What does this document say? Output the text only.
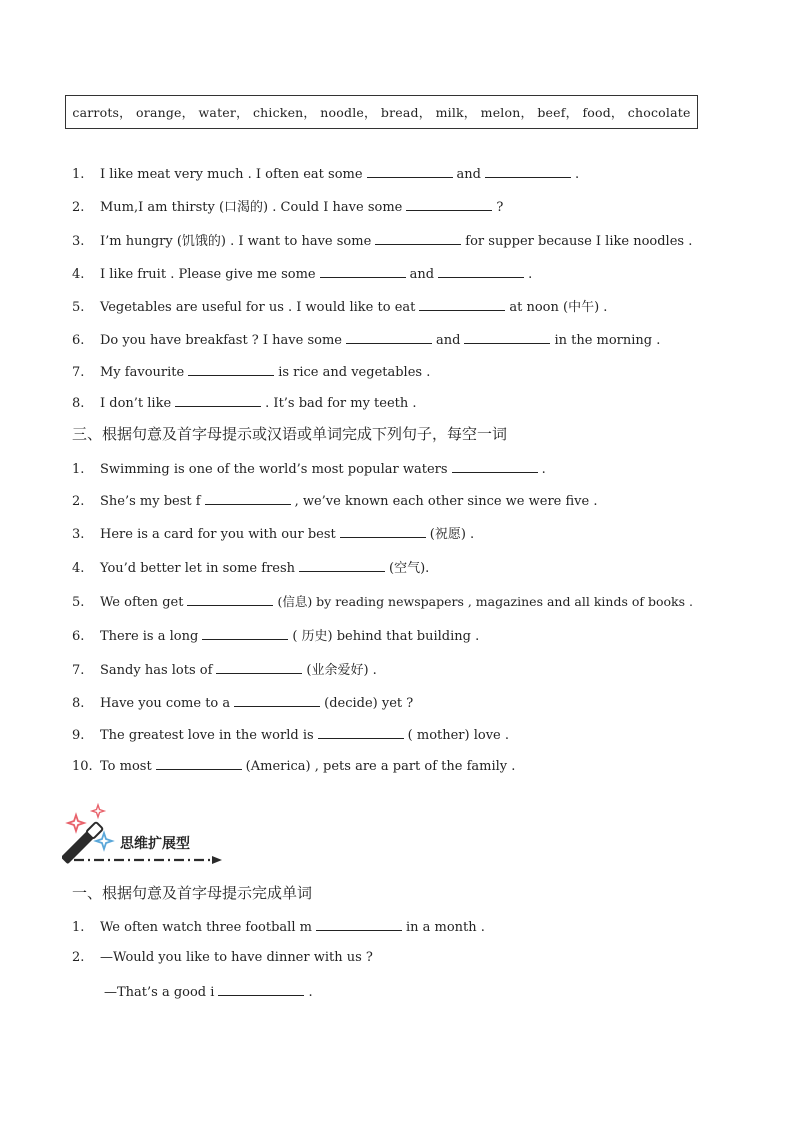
carrots， orange， water， chicken， noodle， bread， milk， melon， beef， food， chocolate
1. I like meat very much . I often eat some	and	.
2. Mum,I am thirsty (口渴的) . Could I have some	?
3. I’m hungry (饥饿的) . I want to have some	for supper because I like noodles .
4. I like fruit . Please give me some	and	.
5. Vegetables are useful for us . I would like to eat	at noon (中午) .
6. Do you have breakfast ? I have some	and	in the morning .
7. My favourite	is rice and vegetables .
8. I don’t like	. It’s bad for my teeth .
三、根据句意及首字母提示或汉语或单词完成下列句子，每空一词
1. Swimming is one of the world’s most popular waters	.
2. She’s my best f	, we’ve known each other since we were five .
3. Here is a card for you with our best	(祝愿) .
4. You’d better let in some fresh	(空气).
5. We often get	(信息) by reading newspapers , magazines and all kinds of books .
6. There is a long	( 历史) behind that building .
7. Sandy has lots of	(业余爱好) .
8. Have you come to a	(decide) yet ?
9. The greatest love in the world is	( mother) love .
10. To most	(America) , pets are a part of the family .
思维扩展型
一、根据句意及首字母提示完成单词
1. We often watch three football m	in a month .
2. —Would you like to have dinner with us ?
—That’s a good i	.
